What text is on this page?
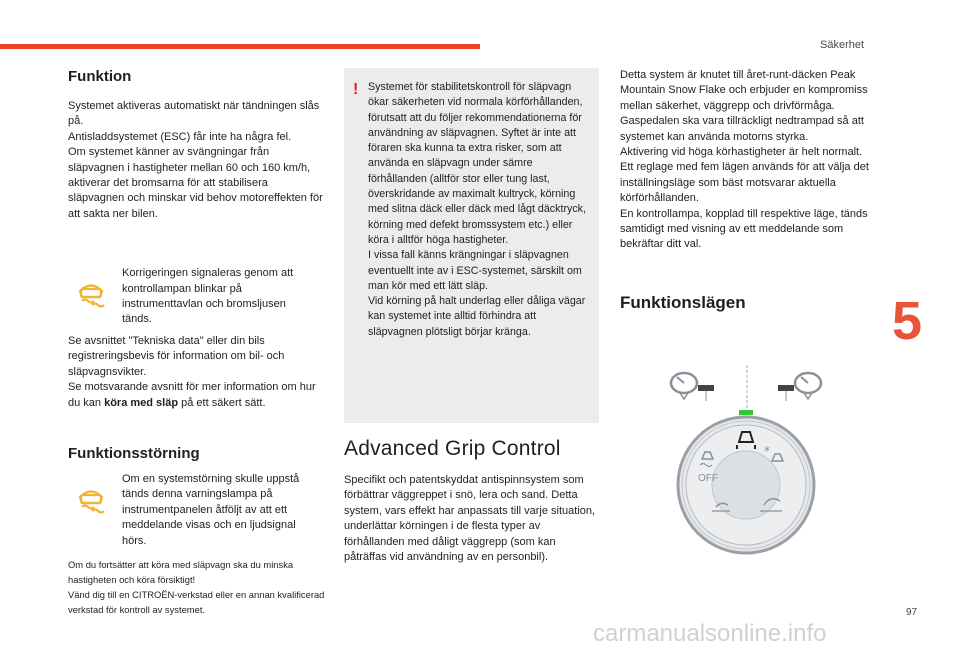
Säkerhet
Funktion

Systemet aktiveras automatiskt när tändningen slås på.

Antisladdsystemet (ESC) får inte ha några fel.

Om systemet känner av svängningar från släpvagnen i hastigheter mellan 60 och 160 km/h, aktiverar det bromsarna för att stabilisera släpvagnen och minskar vid behov motoreffekten för att sakta ner bilen.

Korrigeringen signaleras genom att kontrollampan blinkar på instrumenttavlan och bromsljusen tänds.

Se avsnittet "Tekniska data" eller din bils registreringsbevis för information om bil- och släpvagnsvikter.

Se motsvarande avsnitt för mer information om hur du kan köra med släp på ett säkert sätt.

Funktionsstörning

Om en systemstörning skulle uppstå tänds denna varningslampa på instrumentpanelen åtföljt av att ett meddelande visas och en ljudsignal hörs.

Om du fortsätter att köra med släpvagn ska du minska hastigheten och köra försiktigt!

Vänd dig till en CITROËN-verkstad eller en annan kvalificerad verkstad för kontroll av systemet.

! Systemet för stabilitetskontroll för släpvagn ökar säkerheten vid normala körförhållanden, förutsatt att du följer rekommendationerna för användning av släpvagnen. Syftet är inte att föraren ska kunna ta extra risker, som att använda en släpvagn under sämre förhållanden (alltför stor eller tung last, överskridande av maximalt kultryck, körning med slitna däck eller däck med lågt däcktryck, körning med defekt bromssystem etc.) eller köra i alltför höga hastigheter.

I vissa fall känns krängningar i släpvagnen eventuellt inte av i ESC-systemet, särskilt om man kör med ett lätt släp.

Vid körning på halt underlag eller dåliga vägar kan systemet inte alltid förhindra att släpvagnen plötsligt börjar kränga.

Advanced Grip Control

Specifikt och patentskyddat antispinnsystem som förbättrar väggreppet i snö, lera och sand. Detta system, vars effekt har anpassats till varje situation, underlättar körningen i de flesta typer av förhållanden med dåligt väggrepp (som kan påträffas vid användning av en personbil).

Detta system är knutet till året-runt-däcken Peak Mountain Snow Flake och erbjuder en kompromiss mellan säkerhet, väggrepp och drivförmåga.

Gaspedalen ska vara tillräckligt nedtrampad så att systemet kan använda motorns styrka.

Aktivering vid höga körhastigheter är helt normalt.

Ett reglage med fem lägen används för att välja det inställningsläge som bäst motsvarar aktuella körförhållanden.

En kontrollampa, kopplad till respektive läge, tänds samtidigt med visning av ett meddelande som bekräftar ditt val.

Funktionslägen
*
OFF
5
97
carmanualsonline.info
